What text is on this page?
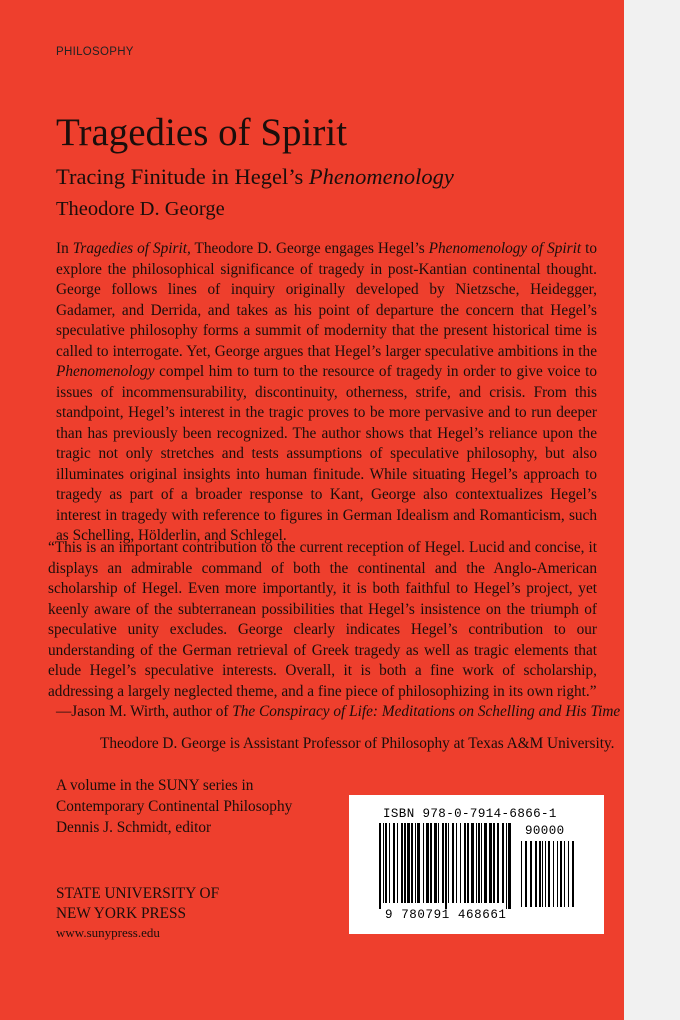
PHILOSOPHY
Tragedies of Spirit
Tracing Finitude in Hegel’s Phenomenology
Theodore D. George

In Tragedies of Spirit, Theodore D. George engages Hegel’s Phenomenology of Spirit to explore the philosophical significance of tragedy in post-Kantian continental thought. George follows lines of inquiry originally developed by Nietzsche, Heidegger, Gadamer, and Derrida, and takes as his point of departure the concern that Hegel’s speculative philosophy forms a summit of modernity that the present historical time is called to interrogate. Yet, George argues that Hegel’s larger speculative ambitions in the Phenomenology compel him to turn to the resource of tragedy in order to give voice to issues of incommensurability, discontinuity, otherness, strife, and crisis. From this standpoint, Hegel’s interest in the tragic proves to be more pervasive and to run deeper than has previously been recognized. The author shows that Hegel’s reliance upon the tragic not only stretches and tests assumptions of speculative philosophy, but also illuminates original insights into human finitude. While situating Hegel’s approach to tragedy as part of a broader response to Kant, George also contextualizes Hegel’s interest in tragedy with reference to figures in German Idealism and Romanticism, such as Schelling, Hölderlin, and Schlegel.

“This is an important contribution to the current reception of Hegel. Lucid and concise, it displays an admirable command of both the continental and the Anglo-American scholarship of Hegel. Even more importantly, it is both faithful to Hegel’s project, yet keenly aware of the subterranean possibilities that Hegel’s insistence on the triumph of speculative unity excludes. George clearly indicates Hegel’s contribution to our understanding of the German retrieval of Greek tragedy as well as tragic elements that elude Hegel’s speculative interests. Overall, it is both a fine work of scholarship, addressing a largely neglected theme, and a fine piece of philosophizing in its own right.”

—Jason M. Wirth, author of The Conspiracy of Life: Meditations on Schelling and His Time
Theodore D. George is Assistant Professor of Philosophy at Texas A&M University.
A volume in the SUNY series in
Contemporary Continental Philosophy
Dennis J. Schmidt, editor
STATE UNIVERSITY OF
NEW YORK PRESS
www.sunypress.edu
ISBN 978-0-7914-6866-1
90000
9 780791 468661
